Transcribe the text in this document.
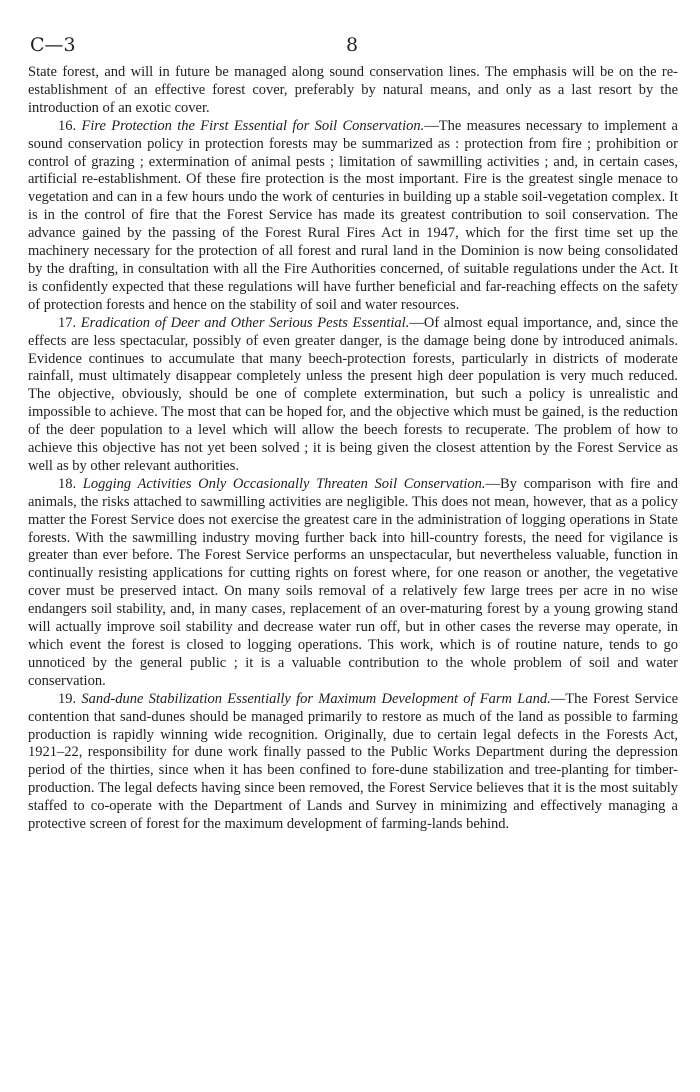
C—3	8

State forest, and will in future be managed along sound conservation lines. The emphasis will be on the re-establishment of an effective forest cover, preferably by natural means, and only as a last resort by the introduction of an exotic cover.

16. Fire Protection the First Essential for Soil Conservation.—The measures necessary to implement a sound conservation policy in protection forests may be summarized as : protection from fire ; prohibition or control of grazing ; extermination of animal pests ; limitation of sawmilling activities ; and, in certain cases, artificial re-establishment. Of these fire protection is the most important. Fire is the greatest single menace to vegetation and can in a few hours undo the work of centuries in building up a stable soil-vegetation complex. It is in the control of fire that the Forest Service has made its greatest contribution to soil conservation. The advance gained by the passing of the Forest Rural Fires Act in 1947, which for the first time set up the machinery necessary for the protection of all forest and rural land in the Dominion is now being consolidated by the drafting, in consultation with all the Fire Authorities concerned, of suitable regulations under the Act. It is confidently expected that these regulations will have further beneficial and far-reaching effects on the safety of protection forests and hence on the stability of soil and water resources.

17. Eradication of Deer and Other Serious Pests Essential.—Of almost equal importance, and, since the effects are less spectacular, possibly of even greater danger, is the damage being done by introduced animals. Evidence continues to accumulate that many beech-protection forests, particularly in districts of moderate rainfall, must ultimately disappear completely unless the present high deer population is very much reduced. The objective, obviously, should be one of complete extermination, but such a policy is unrealistic and impossible to achieve. The most that can be hoped for, and the objective which must be gained, is the reduction of the deer population to a level which will allow the beech forests to recuperate. The problem of how to achieve this objective has not yet been solved ; it is being given the closest attention by the Forest Service as well as by other relevant authorities.

18. Logging Activities Only Occasionally Threaten Soil Conservation.—By comparison with fire and animals, the risks attached to sawmilling activities are negligible. This does not mean, however, that as a policy matter the Forest Service does not exercise the greatest care in the administration of logging operations in State forests. With the sawmilling industry moving further back into hill-country forests, the need for vigilance is greater than ever before. The Forest Service performs an unspectacular, but nevertheless valuable, function in continually resisting applications for cutting rights on forest where, for one reason or another, the vegetative cover must be preserved intact. On many soils removal of a relatively few large trees per acre in no wise endangers soil stability, and, in many cases, replacement of an over-maturing forest by a young growing stand will actually improve soil stability and decrease water run off, but in other cases the reverse may operate, in which event the forest is closed to logging operations. This work, which is of routine nature, tends to go unnoticed by the general public ; it is a valuable contribution to the whole problem of soil and water conservation.

19. Sand-dune Stabilization Essentially for Maximum Development of Farm Land.—The Forest Service contention that sand-dunes should be managed primarily to restore as much of the land as possible to farming production is rapidly winning wide recognition. Originally, due to certain legal defects in the Forests Act, 1921–22, responsibility for dune work finally passed to the Public Works Department during the depression period of the thirties, since when it has been confined to fore-dune stabilization and tree-planting for timber-production. The legal defects having since been removed, the Forest Service believes that it is the most suitably staffed to co-operate with the Department of Lands and Survey in minimizing and effectively managing a protective screen of forest for the maximum development of farming-lands behind.
